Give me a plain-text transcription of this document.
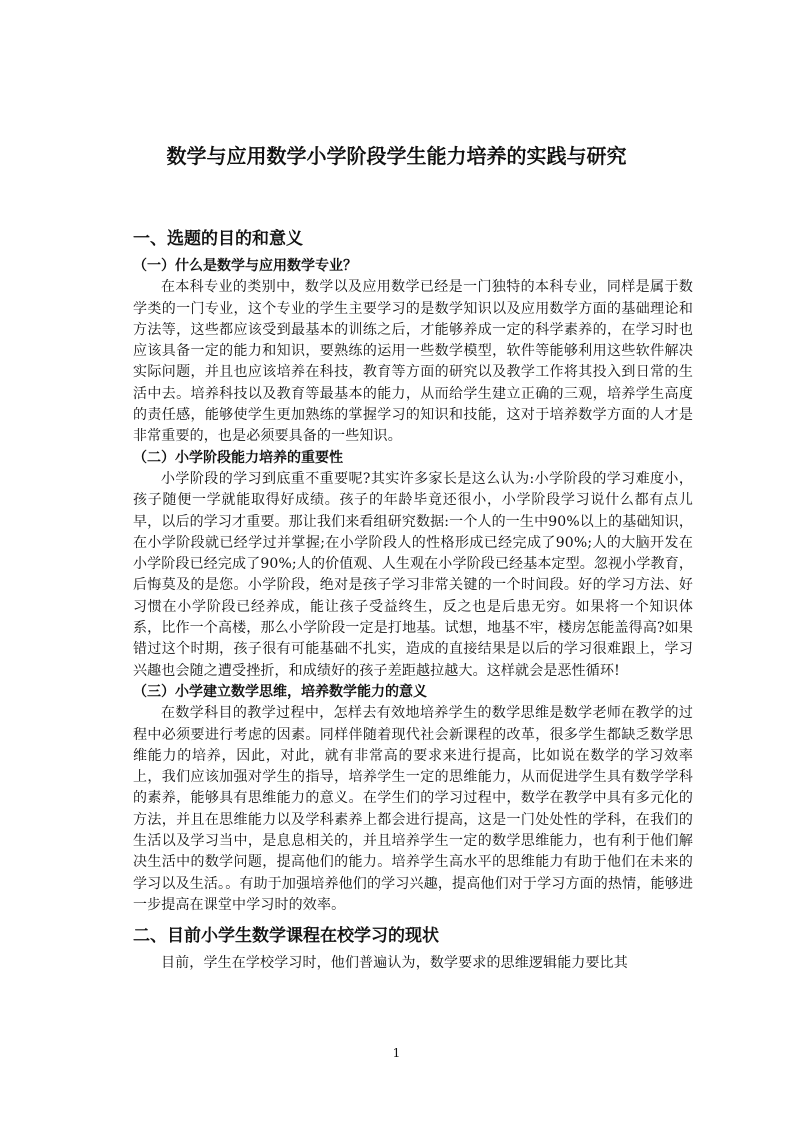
数学与应用数学小学阶段学生能力培养的实践与研究
一、选题的目的和意义
（一）什么是数学与应用数学专业？

在本科专业的类别中，数学以及应用数学已经是一门独特的本科专业，同样是属于数学类的一门专业，这个专业的学生主要学习的是数学知识以及应用数学方面的基础理论和方法等，这些都应该受到最基本的训练之后，才能够养成一定的科学素养的，在学习时也应该具备一定的能力和知识，要熟练的运用一些数学模型，软件等能够利用这些软件解决实际问题，并且也应该培养在科技，教育等方面的研究以及教学工作将其投入到日常的生活中去。培养科技以及教育等最基本的能力，从而给学生建立正确的三观，培养学生高度的责任感，能够使学生更加熟练的掌握学习的知识和技能，这对于培养数学方面的人才是非常重要的，也是必须要具备的一些知识。

（二）小学阶段能力培养的重要性

小学阶段的学习到底重不重要呢?其实许多家长是这么认为:小学阶段的学习难度小，孩子随便一学就能取得好成绩。孩子的年龄毕竟还很小，小学阶段学习说什么都有点儿早，以后的学习才重要。那让我们来看组研究数据:一个人的一生中90%以上的基础知识，在小学阶段就已经学过并掌握;在小学阶段人的性格形成已经完成了90%;人的大脑开发在小学阶段已经完成了90%;人的价值观、人生观在小学阶段已经基本定型。忽视小学教育，后悔莫及的是您。小学阶段，绝对是孩子学习非常关键的一个时间段。好的学习方法、好习惯在小学阶段已经养成，能让孩子受益终生，反之也是后患无穷。如果将一个知识体系，比作一个高楼，那么小学阶段一定是打地基。试想，地基不牢，楼房怎能盖得高?如果错过这个时期，孩子很有可能基础不扎实，造成的直接结果是以后的学习很难跟上，学习兴趣也会随之遭受挫折，和成绩好的孩子差距越拉越大。这样就会是恶性循环!

（三）小学建立数学思维，培养数学能力的意义

在数学科目的教学过程中，怎样去有效地培养学生的数学思维是数学老师在教学的过程中必须要进行考虑的因素。同样伴随着现代社会新课程的改革，很多学生都缺乏数学思维能力的培养，因此，对此，就有非常高的要求来进行提高，比如说在数学的学习效率上，我们应该加强对学生的指导，培养学生一定的思维能力，从而促进学生具有数学学科的素养，能够具有思维能力的意义。在学生们的学习过程中，数学在教学中具有多元化的方法，并且在思维能力以及学科素养上都会进行提高，这是一门处处性的学科，在我们的生活以及学习当中，是息息相关的，并且培养学生一定的数学思维能力，也有利于他们解决生活中的数学问题，提高他们的能力。培养学生高水平的思维能力有助于他们在未来的学习以及生活。。有助于加强培养他们的学习兴趣，提高他们对于学习方面的热情，能够进一步提高在课堂中学习时的效率。

二、目前小学生数学课程在校学习的现状

目前，学生在学校学习时，他们普遍认为，数学要求的思维逻辑能力要比其

1
